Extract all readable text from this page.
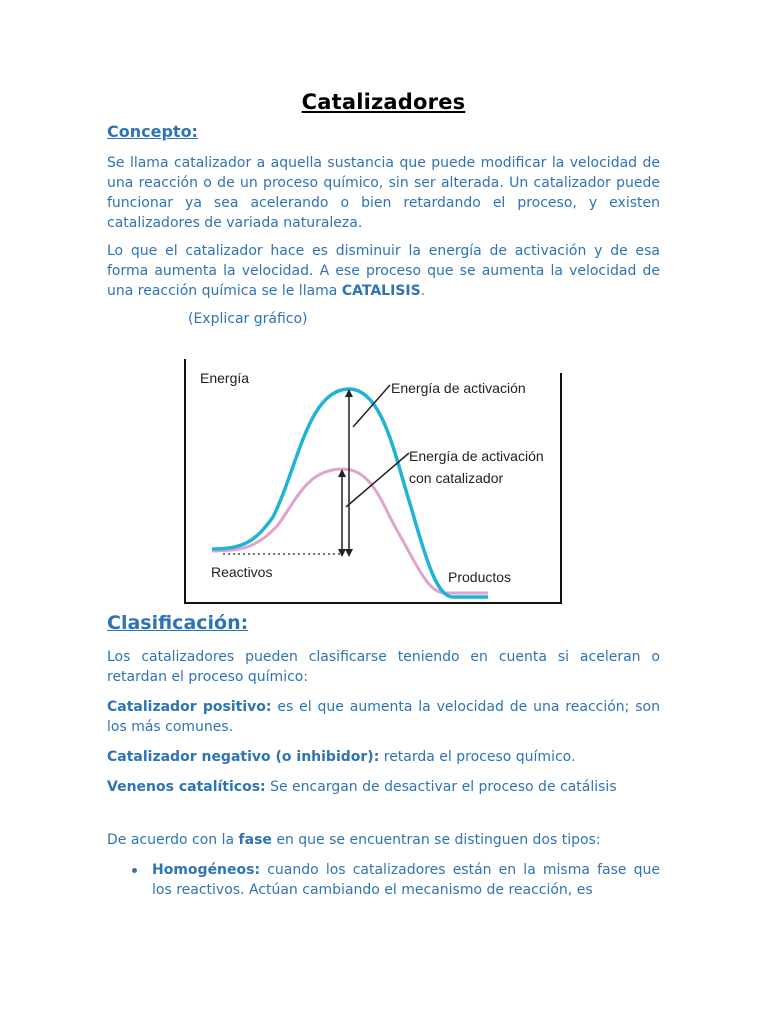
Catalizadores
Concepto:

Se llama catalizador a aquella sustancia que puede modificar la velocidad de una reacción o de un proceso químico, sin ser alterada. Un catalizador puede funcionar ya sea acelerando o bien retardando el proceso, y existen catalizadores de variada naturaleza.

Lo que el catalizador hace es disminuir la energía de activación y de esa forma aumenta la velocidad. A ese proceso que se aumenta la velocidad de una reacción química se le llama CATALISIS.

(Explicar gráfico)

Energía
Energía de activación
Energía de activación
con catalizador
Reactivos	Productos
Clasificación:

Los catalizadores pueden clasificarse teniendo en cuenta si aceleran o retardan el proceso químico:

Catalizador positivo: es el que aumenta la velocidad de una reacción; son los más comunes.

Catalizador negativo (o inhibidor): retarda el proceso químico.

Venenos catalíticos: Se encargan de desactivar el proceso de catálisis

De acuerdo con la fase en que se encuentran se distinguen dos tipos:

Homogéneos: cuando los catalizadores están en la misma fase que los reactivos. Actúan cambiando el mecanismo de reacción, es
